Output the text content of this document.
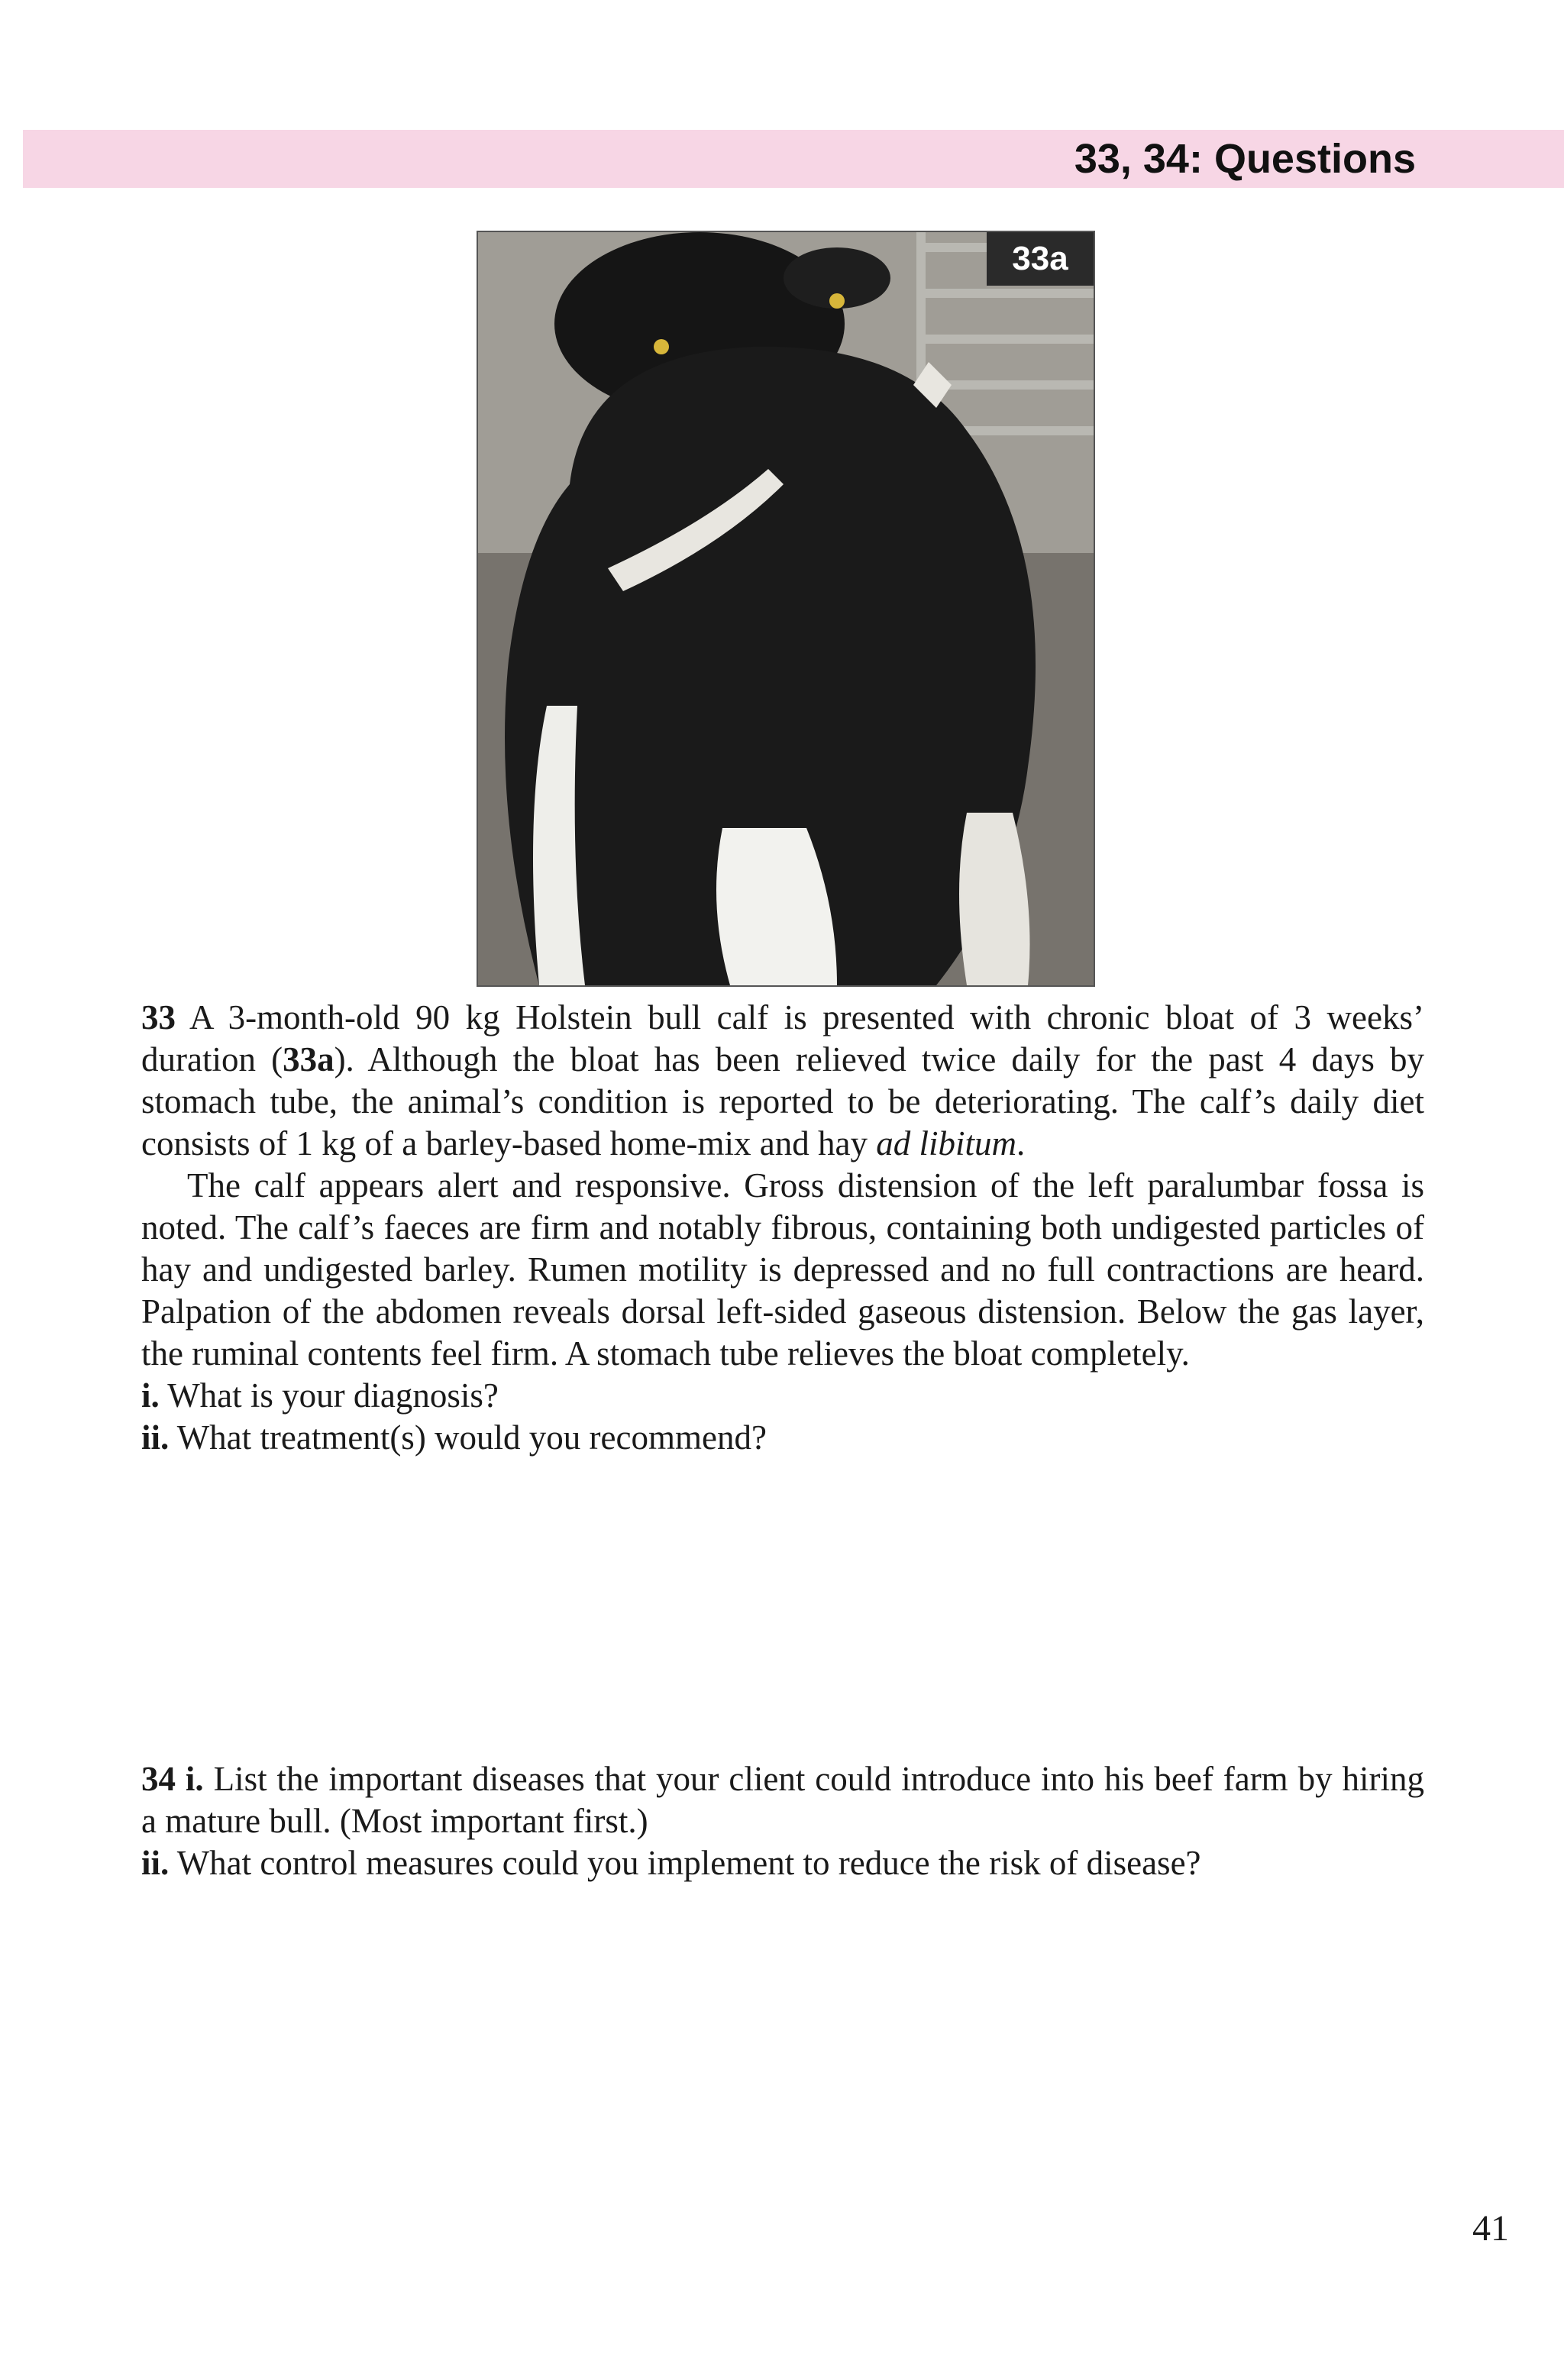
33, 34: Questions
33a

33 A 3-month-old 90 kg Holstein bull calf is presented with chronic bloat of 3 weeks’ duration (33a). Although the bloat has been relieved twice daily for the past 4 days by stomach tube, the animal’s condition is reported to be deteriorating. The calf’s daily diet consists of 1 kg of a barley-based home-mix and hay ad libitum.

The calf appears alert and responsive. Gross distension of the left paralumbar fossa is noted. The calf’s faeces are firm and notably fibrous, containing both undigested particles of hay and undigested barley. Rumen motility is depressed and no full contractions are heard. Palpation of the abdomen reveals dorsal left-sided gaseous distension. Below the gas layer, the ruminal contents feel firm. A stomach tube relieves the bloat completely.

i. What is your diagnosis?

ii. What treatment(s) would you recommend?

34 i. List the important diseases that your client could introduce into his beef farm by hiring a mature bull. (Most important first.)

ii. What control measures could you implement to reduce the risk of disease?

41
